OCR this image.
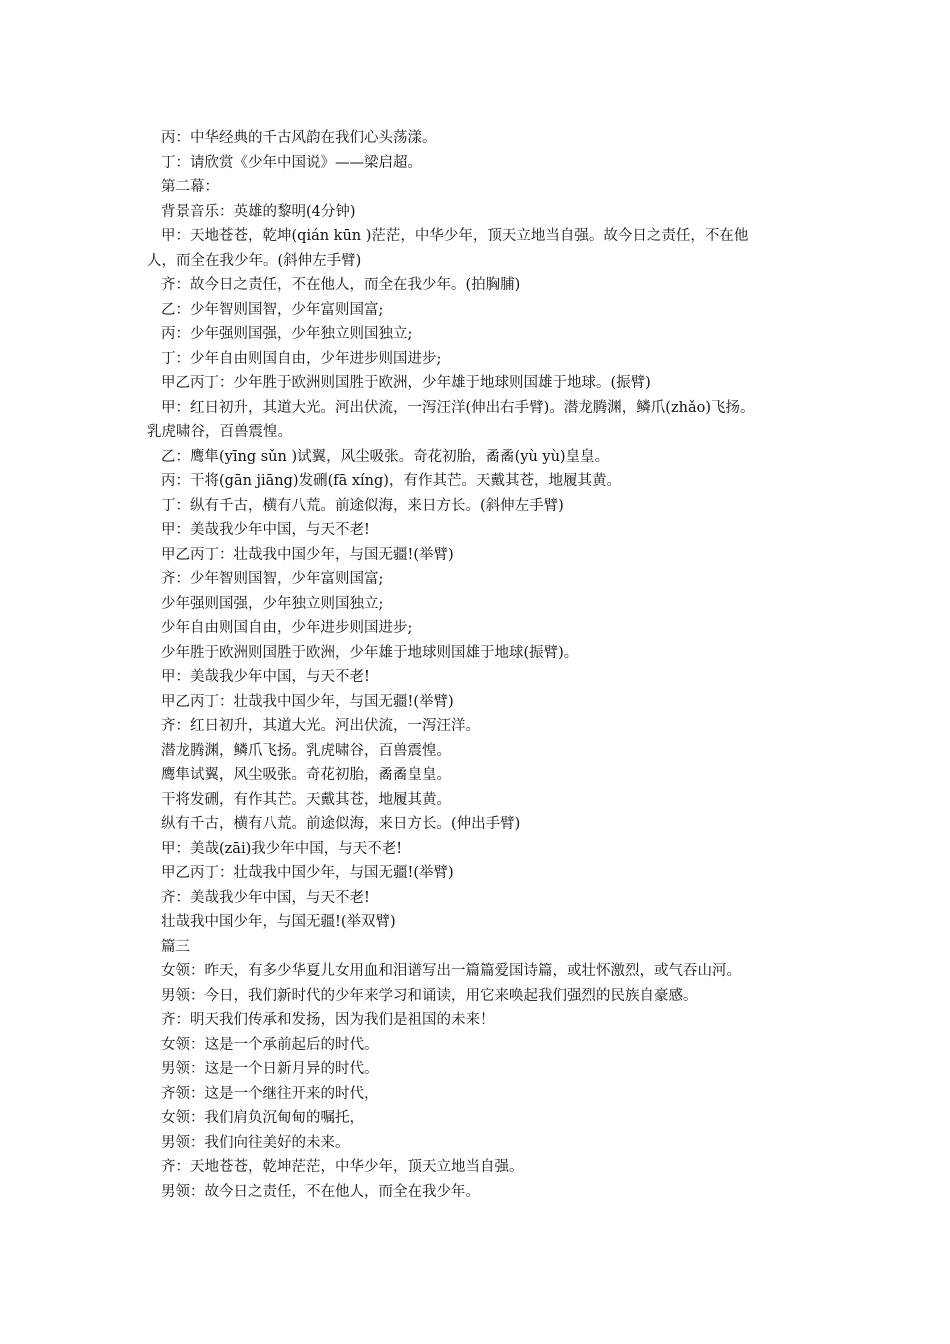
丙：中华经典的千古风韵在我们心头荡漾。

丁：请欣赏《少年中国说》——梁启超。

第二幕：

背景音乐：英雄的黎明(4分钟)

甲：天地苍苍，乾坤(qián kūn )茫茫，中华少年，顶天立地当自强。故今日之责任，不在他

人，而全在我少年。(斜伸左手臂)

齐：故今日之责任，不在他人，而全在我少年。(拍胸脯)

乙：少年智则国智，少年富则国富;

丙：少年强则国强，少年独立则国独立;

丁：少年自由则国自由，少年进步则国进步;

甲乙丙丁：少年胜于欧洲则国胜于欧洲，少年雄于地球则国雄于地球。(振臂)

甲：红日初升，其道大光。河出伏流，一泻汪洋(伸出右手臂)。潜龙腾渊，鳞爪(zhǎo)飞扬。

乳虎啸谷，百兽震惶。

乙：鹰隼(yīng sǔn )试翼，风尘吸张。奇花初胎，矞矞(yù yù)皇皇。

丙：干将(gān jiāng)发硎(fā xíng)，有作其芒。天戴其苍，地履其黄。

丁：纵有千古，横有八荒。前途似海，来日方长。(斜伸左手臂)

甲：美哉我少年中国，与天不老!

甲乙丙丁：壮哉我中国少年，与国无疆!(举臂)

齐：少年智则国智，少年富则国富;

少年强则国强，少年独立则国独立;

少年自由则国自由，少年进步则国进步;

少年胜于欧洲则国胜于欧洲，少年雄于地球则国雄于地球(振臂)。

甲：美哉我少年中国，与天不老!

甲乙丙丁：壮哉我中国少年，与国无疆!(举臂)

齐：红日初升，其道大光。河出伏流，一泻汪洋。

潜龙腾渊，鳞爪飞扬。乳虎啸谷，百兽震惶。

鹰隼试翼，风尘吸张。奇花初胎，矞矞皇皇。

干将发硎，有作其芒。天戴其苍，地履其黄。

纵有千古，横有八荒。前途似海，来日方长。(伸出手臂)

甲：美哉(zāi)我少年中国，与天不老!

甲乙丙丁：壮哉我中国少年，与国无疆!(举臂)

齐：美哉我少年中国，与天不老!

壮哉我中国少年，与国无疆!(举双臂)

篇三

女领：昨天，有多少华夏儿女用血和泪谱写出一篇篇爱国诗篇，或壮怀激烈，或气吞山河。

男领：今日，我们新时代的少年来学习和诵读，用它来唤起我们强烈的民族自豪感。

齐：明天我们传承和发扬，因为我们是祖国的未来！

女领：这是一个承前起后的时代。

男领：这是一个日新月异的时代。

齐领：这是一个继往开来的时代，

女领：我们肩负沉甸甸的嘱托，

男领：我们向往美好的未来。

齐：天地苍苍，乾坤茫茫，中华少年，顶天立地当自强。

男领：故今日之责任，不在他人，而全在我少年。
